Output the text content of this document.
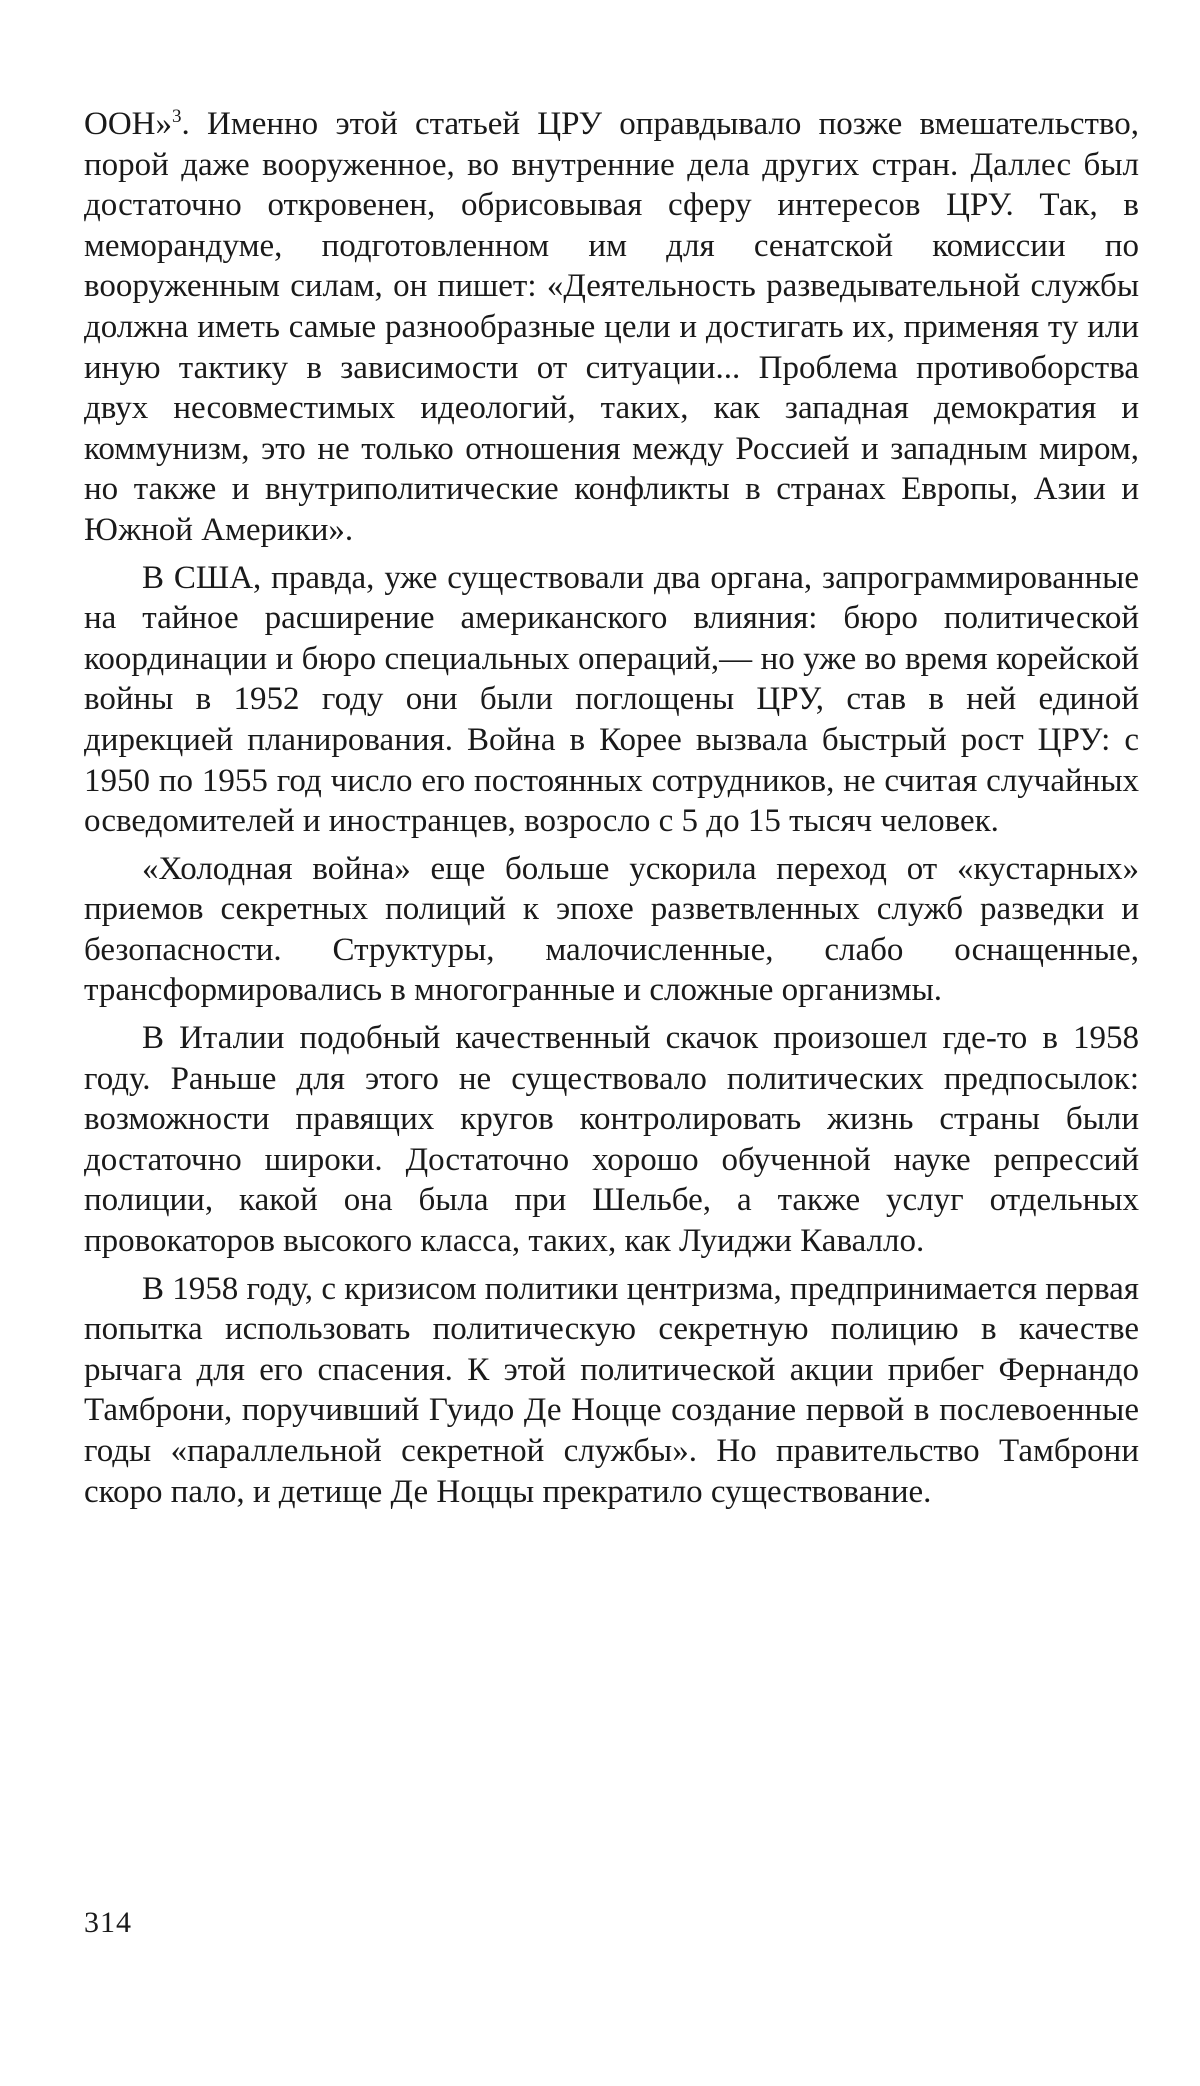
ООН»$^3$. Именно этой статьей ЦРУ оправдывало позже вмешательство, порой даже вооруженное, во внутренние дела других стран. Даллес был достаточно откровенен, обрисовывая сферу интересов ЦРУ. Так, в меморандуме, подготовленном им для сенатской комиссии по вооруженным силам, он пишет: «Деятельность разведывательной службы должна иметь самые разнообразные цели и достигать их, применяя ту или иную тактику в зависимости от ситуации... Проблема противоборства двух несовместимых идеологий, таких, как западная демократия и коммунизм, это не только отношения между Россией и западным миром, но также и внутриполитические конфликты в странах Европы, Азии и Южной Америки».

В США, правда, уже существовали два органа, запрограммированные на тайное расширение американского влияния: бюро политической координации и бюро специальных операций,— но уже во время корейской войны в 1952 году они были поглощены ЦРУ, став в ней единой дирекцией планирования. Война в Корее вызвала быстрый рост ЦРУ: с 1950 по 1955 год число его постоянных сотрудников, не считая случайных осведомителей и иностранцев, возросло с 5 до 15 тысяч человек.

«Холодная война» еще больше ускорила переход от «кустарных» приемов секретных полиций к эпохе разветвленных служб разведки и безопасности. Структуры, малочисленные, слабо оснащенные, трансформировались в многогранные и сложные организмы.

В Италии подобный качественный скачок произошел где-то в 1958 году. Раньше для этого не существовало политических предпосылок: возможности правящих кругов контролировать жизнь страны были достаточно широки. Достаточно хорошо обученной науке репрессий полиции, какой она была при Шельбе, а также услуг отдельных провокаторов высокого класса, таких, как Луиджи Кавалло.

В 1958 году, с кризисом политики центризма, предпринимается первая попытка использовать политическую секретную полицию в качестве рычага для его спасения. К этой политической акции прибег Фернандо Тамброни, поручивший Гуидо Де Ноцце создание первой в послевоенные годы «параллельной секретной службы». Но правительство Тамброни скоро пало, и детище Де Ноццы прекратило существование.

314
